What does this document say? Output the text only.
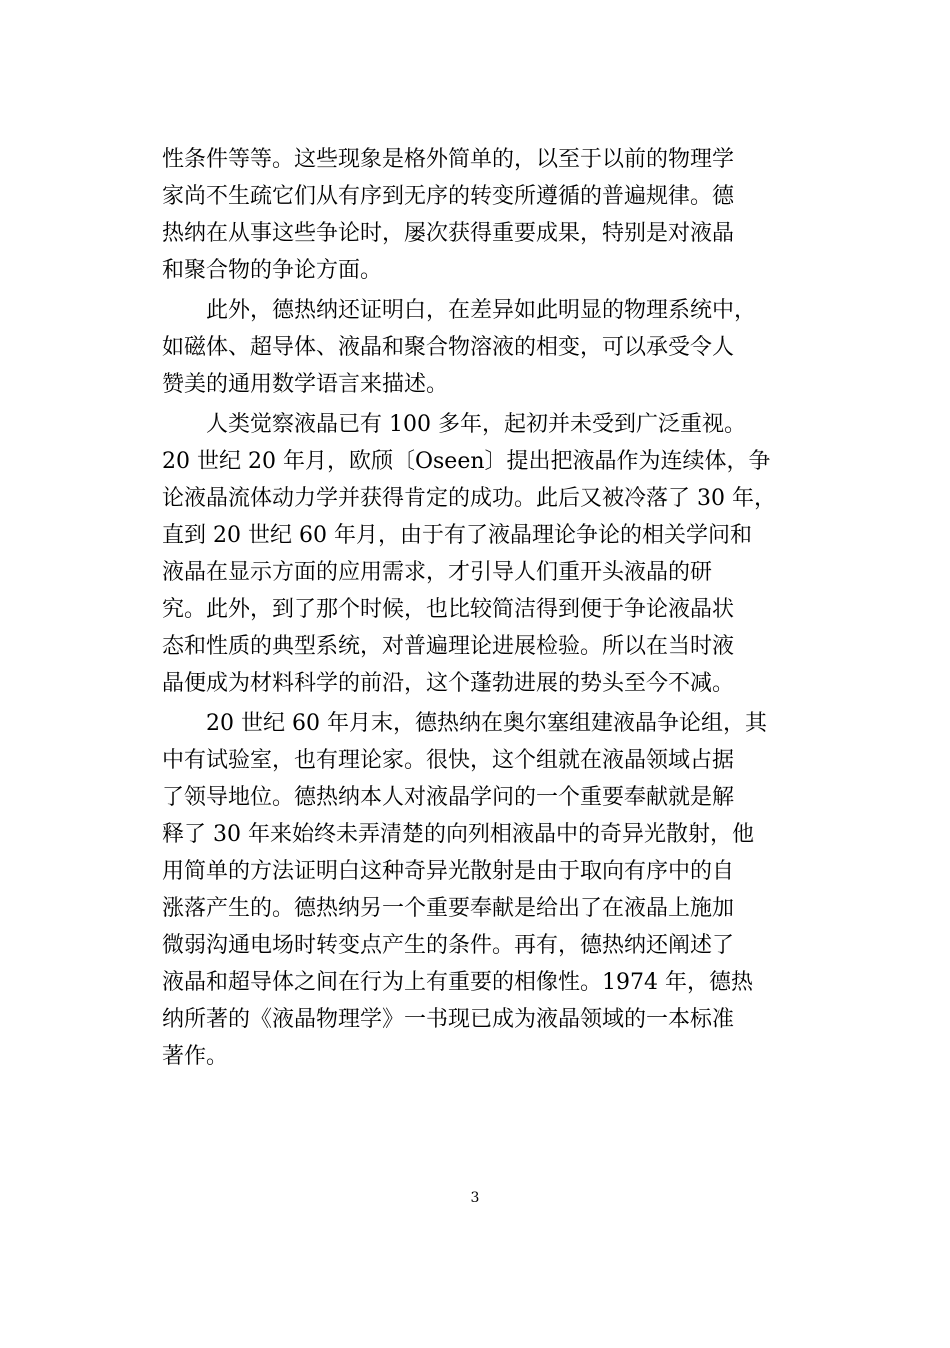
性条件等等。这些现象是格外简单的，以至于以前的物理学
家尚不生疏它们从有序到无序的转变所遵循的普遍规律。德
热纳在从事这些争论时，屡次获得重要成果，特别是对液晶
和聚合物的争论方面。
此外，德热纳还证明白，在差异如此明显的物理系统中，
如磁体、超导体、液晶和聚合物溶液的相变，可以承受令人
赞美的通用数学语言来描述。
人类觉察液晶已有 100 多年，起初并未受到广泛重视。
20 世纪 20 年月，欧颀〔Oseen〕提出把液晶作为连续体，争
论液晶流体动力学并获得肯定的成功。此后又被冷落了 30 年，
直到 20 世纪 60 年月，由于有了液晶理论争论的相关学问和
液晶在显示方面的应用需求，才引导人们重开头液晶的研
究。此外，到了那个时候，也比较简洁得到便于争论液晶状
态和性质的典型系统，对普遍理论进展检验。所以在当时液
晶便成为材料科学的前沿，这个蓬勃进展的势头至今不减。
20 世纪 60 年月末，德热纳在奥尔塞组建液晶争论组，其
中有试验室，也有理论家。很快，这个组就在液晶领域占据
了领导地位。德热纳本人对液晶学问的一个重要奉献就是解
释了 30 年来始终未弄清楚的向列相液晶中的奇异光散射，他
用简单的方法证明白这种奇异光散射是由于取向有序中的自
涨落产生的。德热纳另一个重要奉献是给出了在液晶上施加
微弱沟通电场时转变点产生的条件。再有，德热纳还阐述了
液晶和超导体之间在行为上有重要的相像性。1974 年，德热
纳所著的《液晶物理学》一书现已成为液晶领域的一本标准
著作。
3
